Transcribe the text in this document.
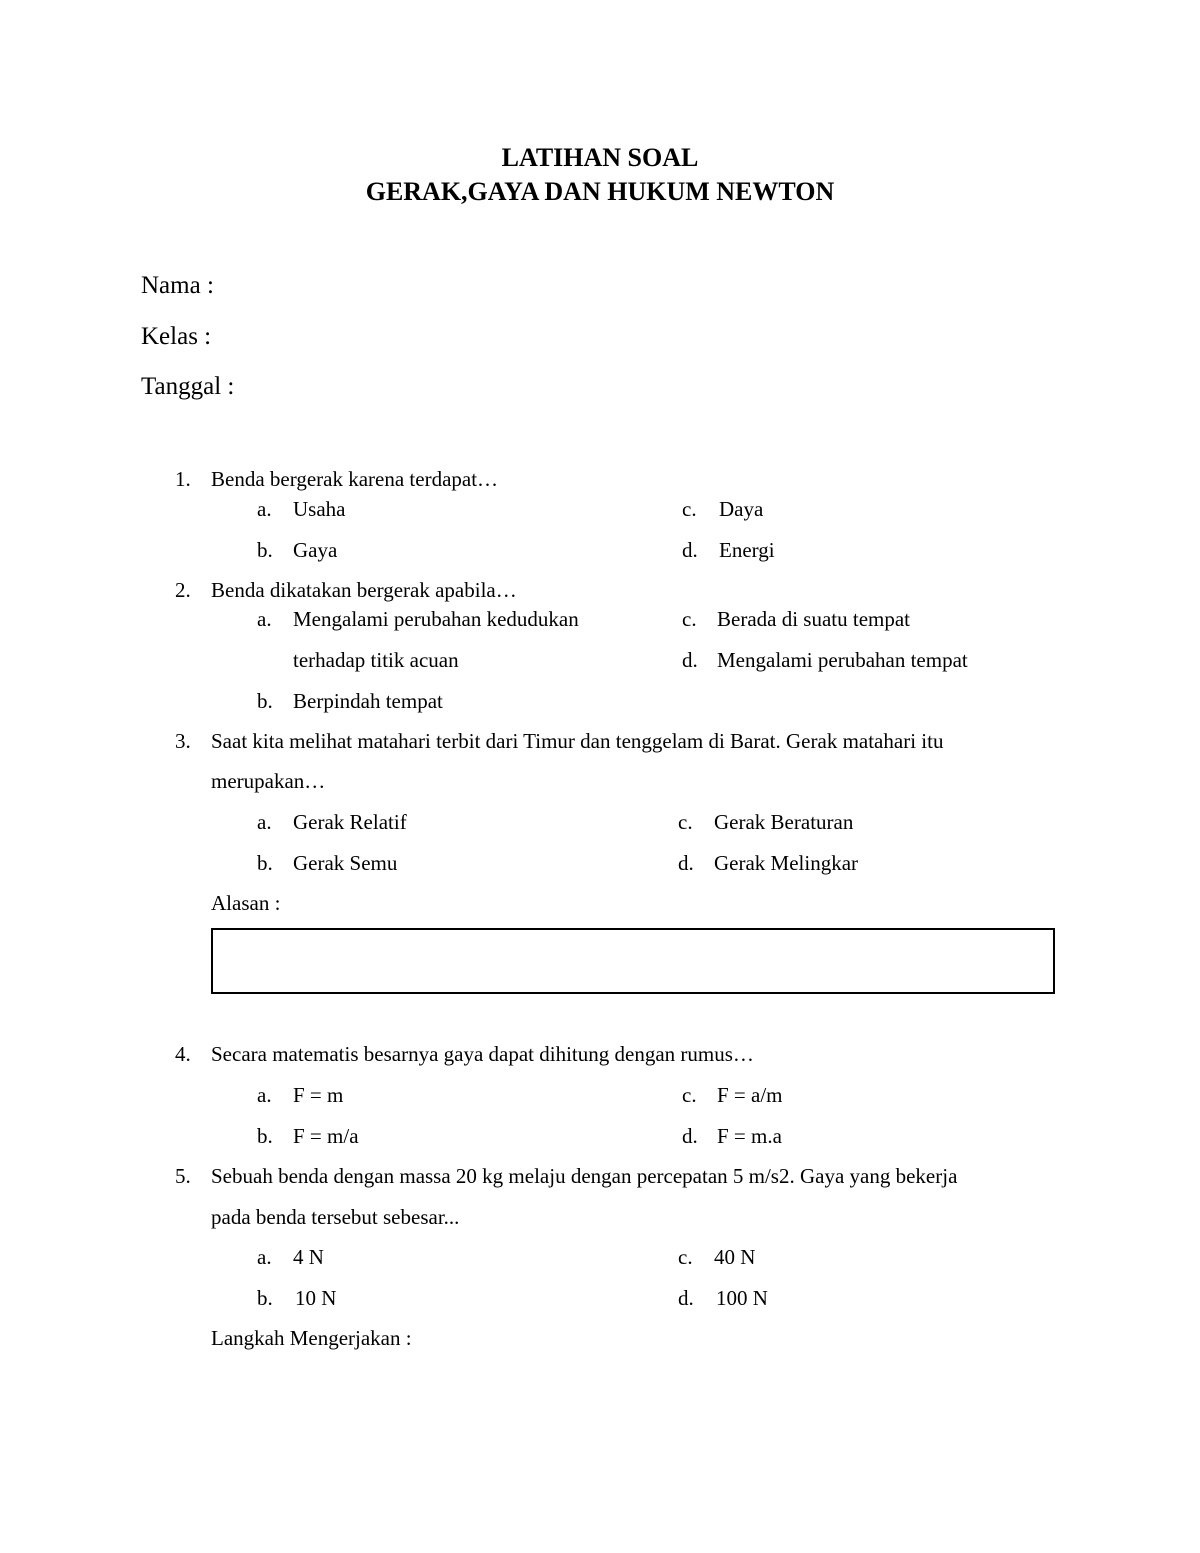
LATIHAN SOAL
GERAK,GAYA DAN HUKUM NEWTON
Nama :
Kelas :
Tanggal :
1. Benda bergerak karena terdapat…
a. Usaha
b. Gaya
c. Daya
d. Energi
2. Benda dikatakan bergerak apabila…
a. Mengalami perubahan kedudukan
terhadap titik acuan
b. Berpindah tempat
c. Berada di suatu tempat
d. Mengalami perubahan tempat
3. Saat kita melihat matahari terbit dari Timur dan tenggelam di Barat. Gerak matahari itu
merupakan…
a. Gerak Relatif
b. Gerak Semu
c. Gerak Beraturan
d. Gerak Melingkar
Alasan :
4. Secara matematis besarnya gaya dapat dihitung dengan rumus…
a. F = m
b. F = m/a
c. F = a/m
d. F = m.a
5. Sebuah benda dengan massa 20 kg melaju dengan percepatan 5 m/s2. Gaya yang bekerja
pada benda tersebut sebesar...
a. 4 N
b. 10 N
c. 40 N
d. 100 N
Langkah Mengerjakan :
